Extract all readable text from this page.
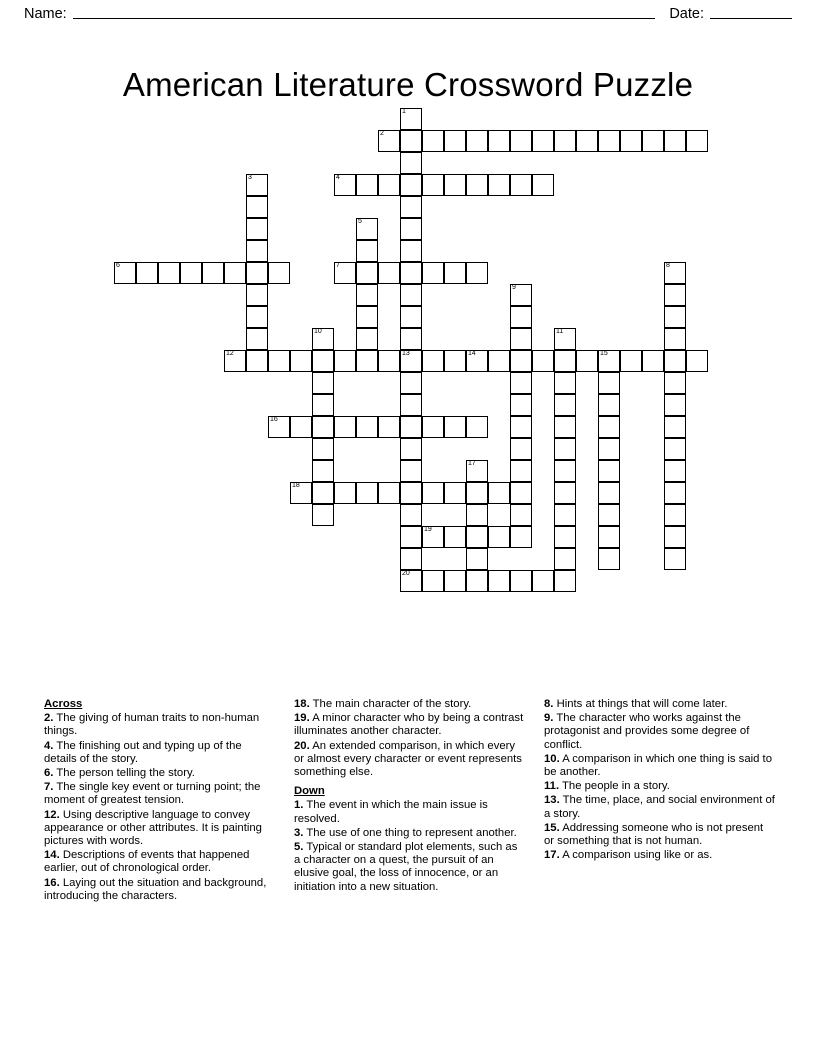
Name:	Date:
American Literature Crossword Puzzle
1
2
3	4
5
6	7	8
9
10	11
12	13	14	15
16
17
18
19
20
Across
2. The giving of human traits to non-human things.
4. The finishing out and typing up of the details of the story.
6. The person telling the story.
7. The single key event or turning point; the moment of greatest tension.
12. Using descriptive language to convey appearance or other attributes. It is painting pictures with words.
14. Descriptions of events that happened earlier, out of chronological order.
16. Laying out the situation and background, introducing the characters.
18. The main character of the story.
19. A minor character who by being a contrast illuminates another character.
20. An extended comparison, in which every or almost every character or event represents something else.
Down
1. The event in which the main issue is resolved.
3. The use of one thing to represent another.
5. Typical or standard plot elements, such as a character on a quest, the pursuit of an elusive goal, the loss of innocence, or an initiation into a new situation.
8. Hints at things that will come later.
9. The character who works against the protagonist and provides some degree of conflict.
10. A comparison in which one thing is said to be another.
11. The people in a story.
13. The time, place, and social environment of a story.
15. Addressing someone who is not present or something that is not human.
17. A comparison using like or as.
